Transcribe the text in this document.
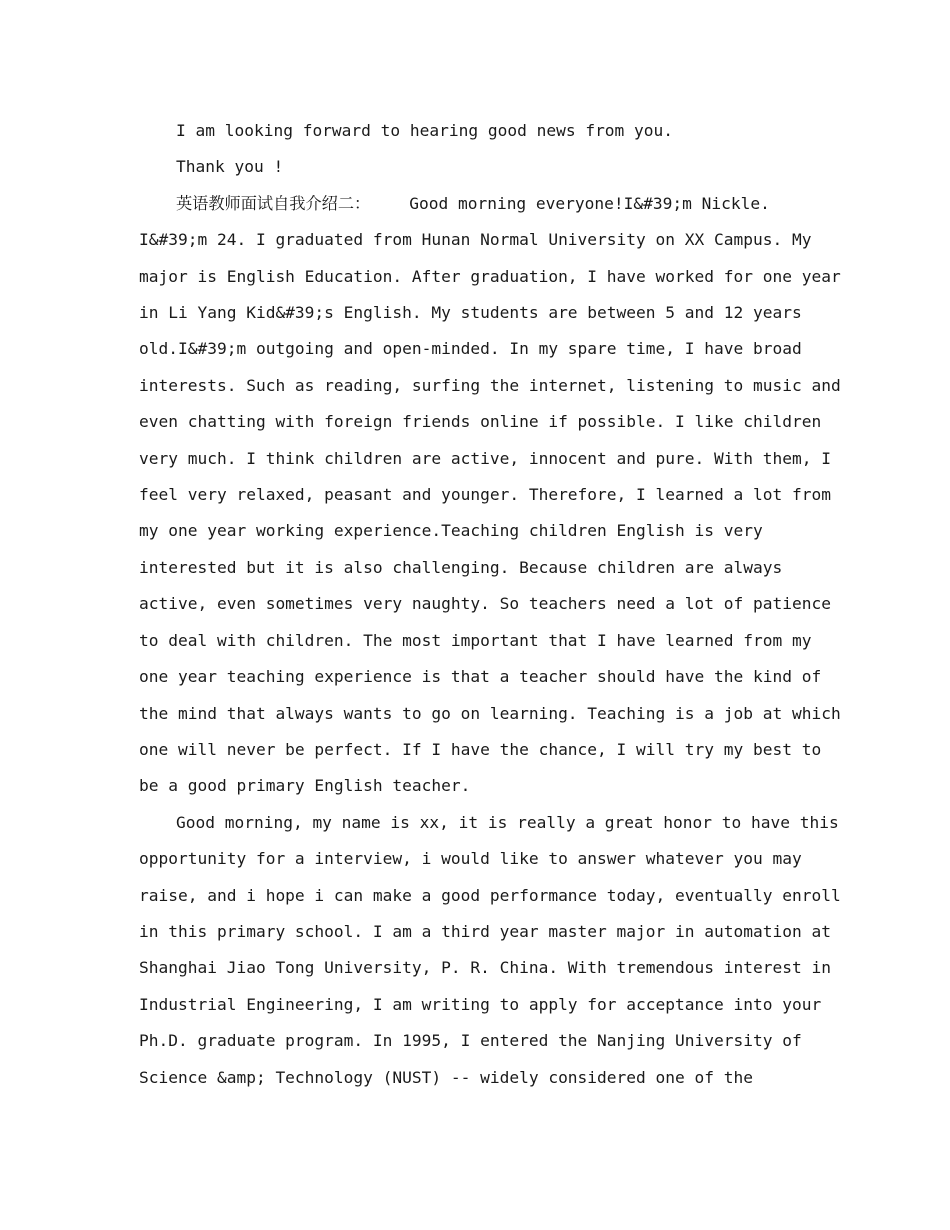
I am looking forward to hearing good news from you.
Thank you !
英语教师面试自我介绍二：    Good morning everyone!I&#39;m Nickle.
I&#39;m 24. I graduated from Hunan Normal University on XX Campus. My
major is English Education. After graduation, I have worked for one year
in Li Yang Kid&#39;s English. My students are between 5 and 12 years
old.I&#39;m outgoing and open-minded. In my spare time, I have broad
interests. Such as reading, surfing the internet, listening to music and
even chatting with foreign friends online if possible. I like children
very much. I think children are active, innocent and pure. With them, I
feel very relaxed, peasant and younger. Therefore, I learned a lot from
my one year working experience.Teaching children English is very
interested but it is also challenging. Because children are always
active, even sometimes very naughty. So teachers need a lot of patience
to deal with children. The most important that I have learned from my
one year teaching experience is that a teacher should have the kind of
the mind that always wants to go on learning. Teaching is a job at which
one will never be perfect. If I have the chance, I will try my best to
be a good primary English teacher.
Good morning, my name is xx, it is really a great honor to have this
opportunity for a interview, i would like to answer whatever you may
raise, and i hope i can make a good performance today, eventually enroll
in this primary school. I am a third year master major in automation at
Shanghai Jiao Tong University, P. R. China. With tremendous interest in
Industrial Engineering, I am writing to apply for acceptance into your
Ph.D. graduate program. In 1995, I entered the Nanjing University of
Science &amp; Technology (NUST) -- widely considered one of the
